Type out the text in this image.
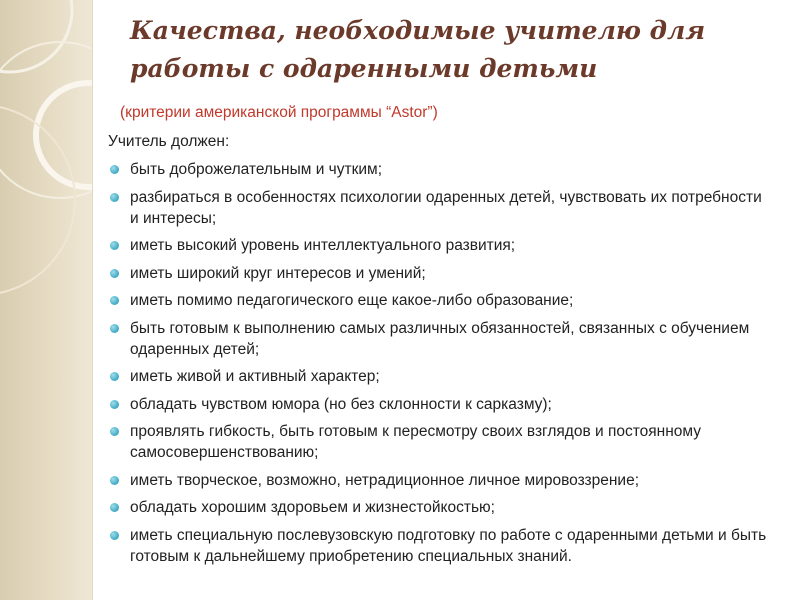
Качества, необходимые учителю для
работы с одаренными детьми
(критерии американской программы “Astor”)
Учитель должен:
быть доброжелательным и чутким;
разбираться в особенностях психологии одаренных детей, чувствовать их потребности и интересы;
иметь высокий уровень интеллектуального развития;
иметь широкий круг интересов и умений;
иметь помимо педагогического еще какое-либо образование;
быть готовым к выполнению самых различных обязанностей, связанных с обучением одаренных детей;
иметь живой и активный характер;
обладать чувством юмора (но без склонности к сарказму);
проявлять гибкость, быть готовым к пересмотру своих взглядов и постоянному самосовершенствованию;
иметь творческое, возможно, нетрадиционное личное мировоззрение;
обладать хорошим здоровьем и жизнестойкостью;
иметь специальную послевузовскую подготовку по работе с одаренными детьми и быть готовым к дальнейшему приобретению специальных знаний.
